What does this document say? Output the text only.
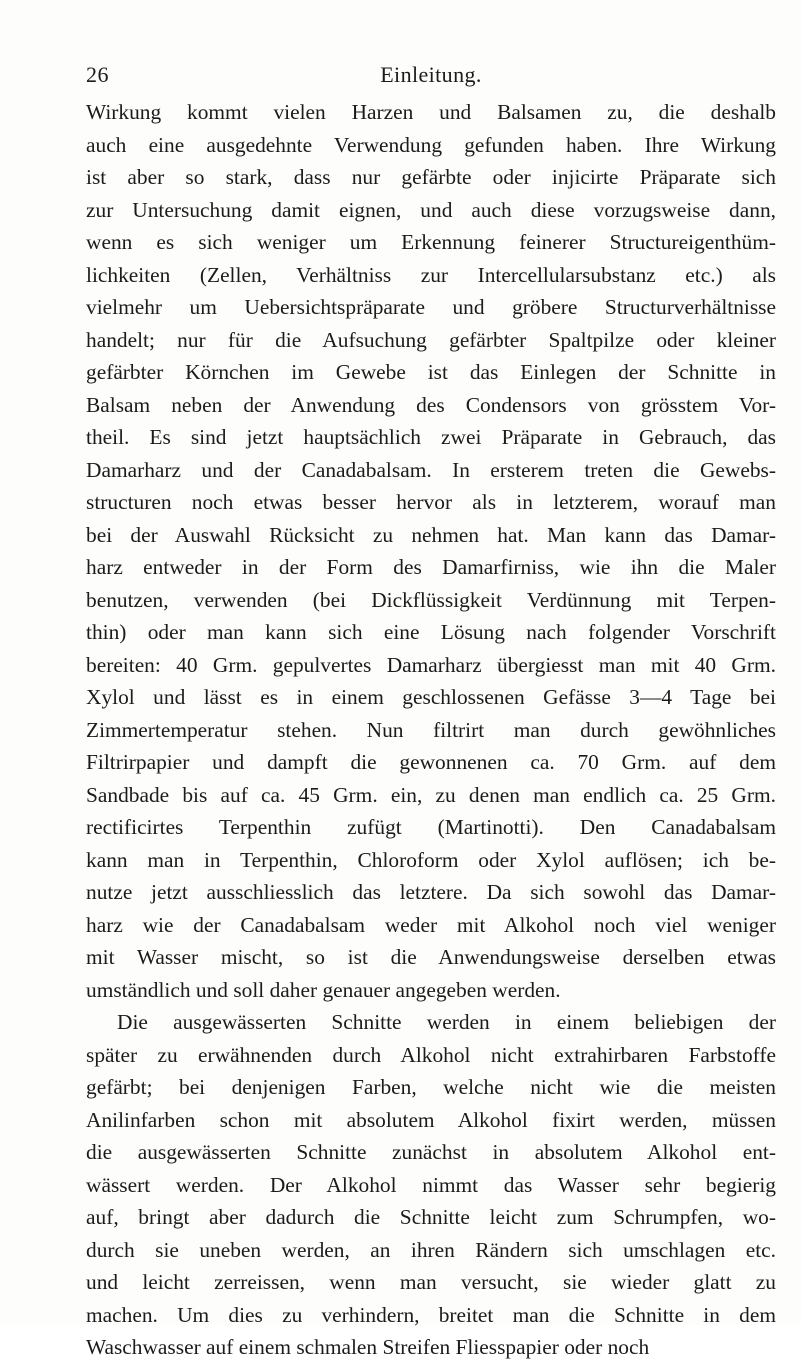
26	Einleitung.
Wirkung kommt vielen Harzen und Balsamen zu, die deshalb
auch eine ausgedehnte Verwendung gefunden haben. Ihre Wirkung
ist aber so stark, dass nur gefärbte oder injicirte Präparate sich
zur Untersuchung damit eignen, und auch diese vorzugsweise dann,
wenn es sich weniger um Erkennung feinerer Structureigenthüm-
lichkeiten (Zellen, Verhältniss zur Intercellularsubstanz etc.) als
vielmehr um Uebersichtspräparate und gröbere Structurverhältnisse
handelt; nur für die Aufsuchung gefärbter Spaltpilze oder kleiner
gefärbter Körnchen im Gewebe ist das Einlegen der Schnitte in
Balsam neben der Anwendung des Condensors von grösstem Vor-
theil. Es sind jetzt hauptsächlich zwei Präparate in Gebrauch, das
Damarharz und der Canadabalsam. In ersterem treten die Gewebs-
structuren noch etwas besser hervor als in letzterem, worauf man
bei der Auswahl Rücksicht zu nehmen hat. Man kann das Damar-
harz entweder in der Form des Damarfirniss, wie ihn die Maler
benutzen, verwenden (bei Dickflüssigkeit Verdünnung mit Terpen-
thin) oder man kann sich eine Lösung nach folgender Vorschrift
bereiten: 40 Grm. gepulvertes Damarharz übergiesst man mit 40 Grm.
Xylol und lässt es in einem geschlossenen Gefässe 3—4 Tage bei
Zimmertemperatur stehen. Nun filtrirt man durch gewöhnliches
Filtrirpapier und dampft die gewonnenen ca. 70 Grm. auf dem
Sandbade bis auf ca. 45 Grm. ein, zu denen man endlich ca. 25 Grm.
rectificirtes Terpenthin zufügt (Martinotti). Den Canadabalsam
kann man in Terpenthin, Chloroform oder Xylol auflösen; ich be-
nutze jetzt ausschliesslich das letztere. Da sich sowohl das Damar-
harz wie der Canadabalsam weder mit Alkohol noch viel weniger
mit Wasser mischt, so ist die Anwendungsweise derselben etwas
umständlich und soll daher genauer angegeben werden.
Die ausgewässerten Schnitte werden in einem beliebigen der
später zu erwähnenden durch Alkohol nicht extrahirbaren Farbstoffe
gefärbt; bei denjenigen Farben, welche nicht wie die meisten
Anilinfarben schon mit absolutem Alkohol fixirt werden, müssen
die ausgewässerten Schnitte zunächst in absolutem Alkohol ent-
wässert werden. Der Alkohol nimmt das Wasser sehr begierig
auf, bringt aber dadurch die Schnitte leicht zum Schrumpfen, wo-
durch sie uneben werden, an ihren Rändern sich umschlagen etc.
und leicht zerreissen, wenn man versucht, sie wieder glatt zu
machen. Um dies zu verhindern, breitet man die Schnitte in dem
Waschwasser auf einem schmalen Streifen Fliesspapier oder noch
